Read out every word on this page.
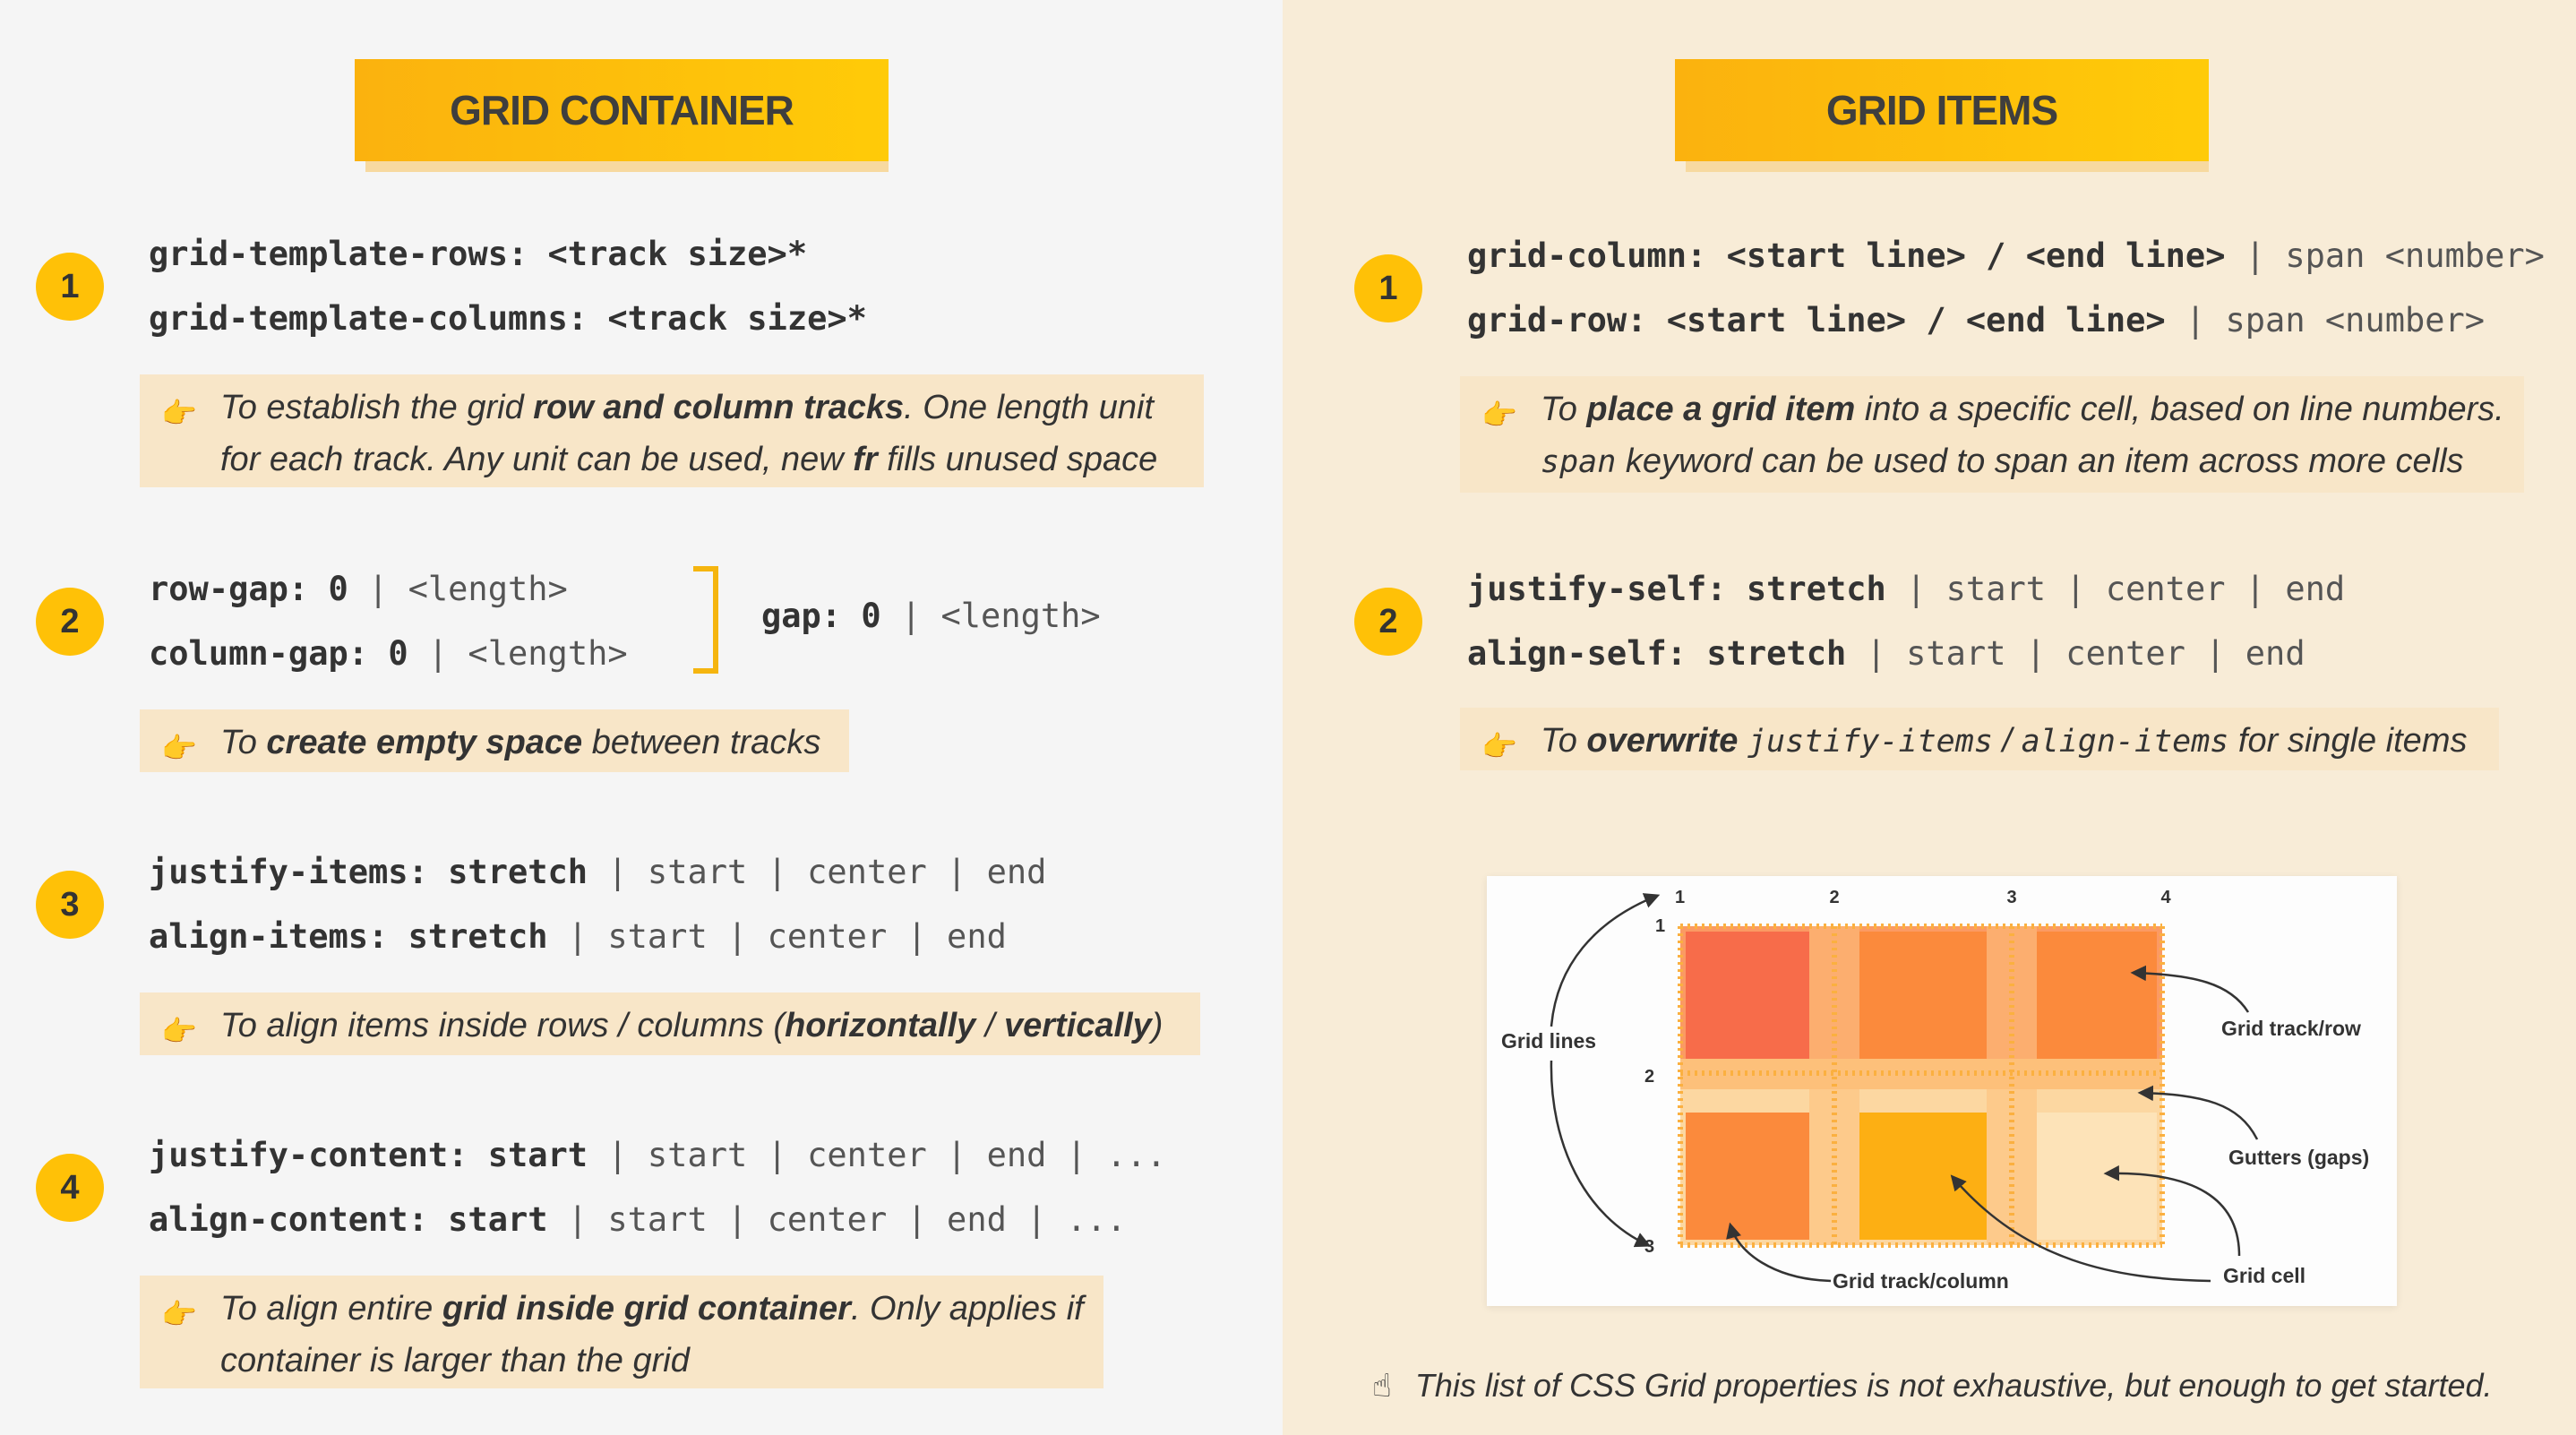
GRID CONTAINER
1
grid-template-rows: <track size>*
grid-template-columns: <track size>*
👉 To establish the grid row and column tracks. One length unit
for each track. Any unit can be used, new fr fills unused space
2
row-gap: 0 | <length>
column-gap: 0 | <length>
gap: 0 | <length>
👉 To create empty space between tracks
3
justify-items: stretch | start | center | end
align-items: stretch | start | center | end
👉 To align items inside rows / columns (horizontally / vertically)
4
justify-content: start | start | center | end | ...
align-content: start | start | center | end | ...
👉 To align entire grid inside grid container. Only applies if
container is larger than the grid
GRID ITEMS
1
grid-column: <start line> / <end line> | span <number>
grid-row: <start line> / <end line> | span <number>
👉 To place a grid item into a specific cell, based on line numbers.
span keyword can be used to span an item across more cells
2
justify-self: stretch | start | center | end
align-self: stretch | start | center | end
👉 To overwrite justify-items / align-items for single items
1	2	3	4
1
2
3
Grid lines
Grid track/row
Gutters (gaps)
Grid cell
Grid track/column
☝ This list of CSS Grid properties is not exhaustive, but enough to get started.
